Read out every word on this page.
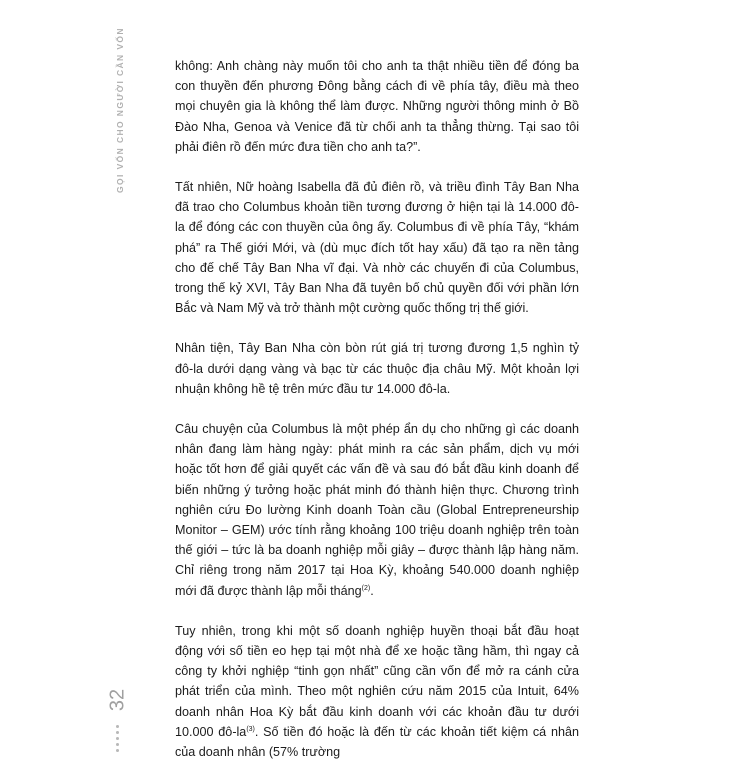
GỌI VỐN CHO NGƯỜI CẦN VỐN
32

không: Anh chàng này muốn tôi cho anh ta thật nhiều tiền để đóng ba con thuyền đến phương Đông bằng cách đi về phía tây, điều mà theo mọi chuyên gia là không thể làm được. Những người thông minh ở Bồ Đào Nha, Genoa và Venice đã từ chối anh ta thẳng thừng. Tại sao tôi phải điên rồ đến mức đưa tiền cho anh ta?”.

Tất nhiên, Nữ hoàng Isabella đã đủ điên rồ, và triều đình Tây Ban Nha đã trao cho Columbus khoản tiền tương đương ở hiện tại là 14.000 đô-la để đóng các con thuyền của ông ấy. Columbus đi về phía Tây, “khám phá” ra Thế giới Mới, và (dù mục đích tốt hay xấu) đã tạo ra nền tảng cho đế chế Tây Ban Nha vĩ đại. Và nhờ các chuyến đi của Columbus, trong thế kỷ XVI, Tây Ban Nha đã tuyên bố chủ quyền đối với phần lớn Bắc và Nam Mỹ và trở thành một cường quốc thống trị thế giới.

Nhân tiện, Tây Ban Nha còn bòn rút giá trị tương đương 1,5 nghìn tỷ đô-la dưới dạng vàng và bạc từ các thuộc địa châu Mỹ. Một khoản lợi nhuận không hề tệ trên mức đầu tư 14.000 đô-la.

Câu chuyện của Columbus là một phép ẩn dụ cho những gì các doanh nhân đang làm hàng ngày: phát minh ra các sản phẩm, dịch vụ mới hoặc tốt hơn để giải quyết các vấn đề và sau đó bắt đầu kinh doanh để biến những ý tưởng hoặc phát minh đó thành hiện thực. Chương trình nghiên cứu Đo lường Kinh doanh Toàn cầu (Global Entrepreneurship Monitor – GEM) ước tính rằng khoảng 100 triệu doanh nghiệp trên toàn thế giới – tức là ba doanh nghiệp mỗi giây – được thành lập hàng năm. Chỉ riêng trong năm 2017 tại Hoa Kỳ, khoảng 540.000 doanh nghiệp mới đã được thành lập mỗi tháng$^{(2)}$.

Tuy nhiên, trong khi một số doanh nghiệp huyền thoại bắt đầu hoạt động với số tiền eo hẹp tại một nhà để xe hoặc tầng hầm, thì ngay cả công ty khởi nghiệp “tinh gọn nhất” cũng cần vốn để mở ra cánh cửa phát triển của mình. Theo một nghiên cứu năm 2015 của Intuit, 64% doanh nhân Hoa Kỳ bắt đầu kinh doanh với các khoản đầu tư dưới 10.000 $đô-la^{(3)}$. Số tiền đó hoặc là đến từ các khoản tiết kiệm cá nhân của doanh nhân (57% trường
